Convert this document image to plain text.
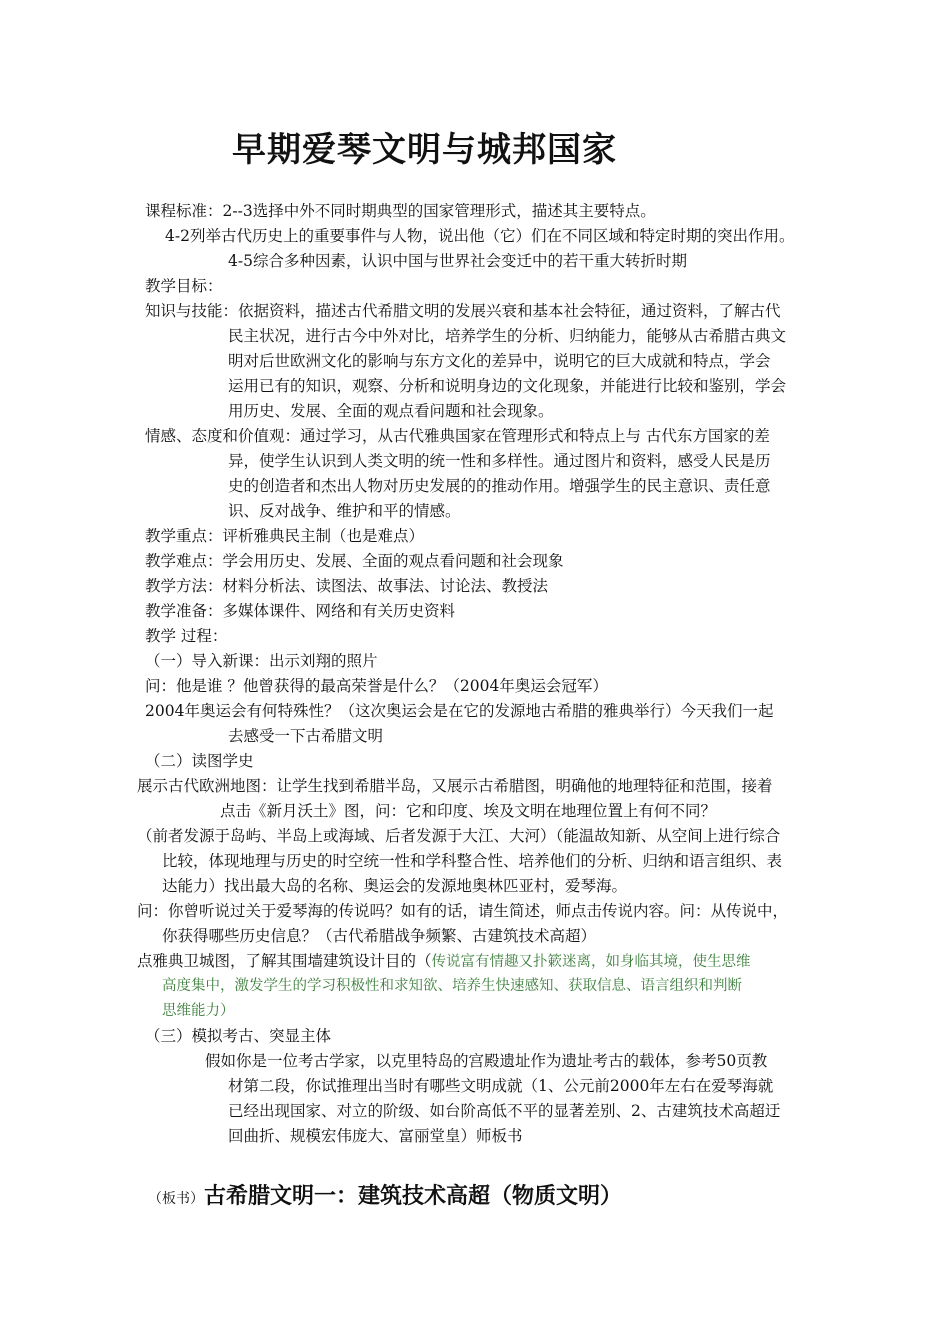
早期爱琴文明与城邦国家
课程标准：2--3选择中外不同时期典型的国家管理形式，描述其主要特点。
4-2列举古代历史上的重要事件与人物，说出他（它）们在不同区域和特定时期的突出作用。
4-5综合多种因素，认识中国与世界社会变迁中的若干重大转折时期
教学目标：
知识与技能：依据资料，描述古代希腊文明的发展兴衰和基本社会特征，通过资料，了解古代
民主状况，进行古今中外对比，培养学生的分析、归纳能力，能够从古希腊古典文
明对后世欧洲文化的影响与东方文化的差异中，说明它的巨大成就和特点，学会
运用已有的知识，观察、分析和说明身边的文化现象，并能进行比较和鉴别，学会
用历史、发展、全面的观点看问题和社会现象。
情感、态度和价值观：通过学习，从古代雅典国家在管理形式和特点上与 古代东方国家的差
异，使学生认识到人类文明的统一性和多样性。通过图片和资料，感受人民是历
史的创造者和杰出人物对历史发展的的推动作用。增强学生的民主意识、责任意
识、反对战争、维护和平的情感。
教学重点：评析雅典民主制（也是难点）
教学难点：学会用历史、发展、全面的观点看问题和社会现象
教学方法：材料分析法、读图法、故事法、讨论法、教授法
教学准备：多媒体课件、网络和有关历史资料
教学 过程：
（一）导入新课：出示刘翔的照片
问：他是谁 ？他曾获得的最高荣誉是什么？（2004年奥运会冠军）
2004年奥运会有何特殊性？（这次奥运会是在它的发源地古希腊的雅典举行）今天我们一起
去感受一下古希腊文明
（二）读图学史
展示古代欧洲地图：让学生找到希腊半岛，又展示古希腊图，明确他的地理特征和范围，接着
点击《新月沃土》图，问：它和印度、埃及文明在地理位置上有何不同？
（前者发源于岛屿、半岛上或海域、后者发源于大江、大河）（能温故知新、从空间上进行综合
比较，体现地理与历史的时空统一性和学科整合性、培养他们的分析、归纳和语言组织、表
达能力）找出最大岛的名称、奥运会的发源地奥林匹亚村，爱琴海。
问：你曾听说过关于爱琴海的传说吗？如有的话，请生简述，师点击传说内容。问：从传说中，
你获得哪些历史信息？（古代希腊战争频繁、古建筑技术高超）
点雅典卫城图，了解其围墙建筑设计目的（传说富有情趣又扑簌迷离，如身临其境，使生思维
高度集中，激发学生的学习积极性和求知欲、培养生快速感知、获取信息、语言组织和判断
思维能力）
（三）模拟考古、突显主体
假如你是一位考古学家，以克里特岛的宫殿遗址作为遗址考古的载体，参考50页教
材第二段，你试推理出当时有哪些文明成就（1、公元前2000年左右在爱琴海就
已经出现国家、对立的阶级、如台阶高低不平的显著差别、2、古建筑技术高超迂
回曲折、规模宏伟庞大、富丽堂皇）师板书
（板书）古希腊文明一：建筑技术高超（物质文明）
